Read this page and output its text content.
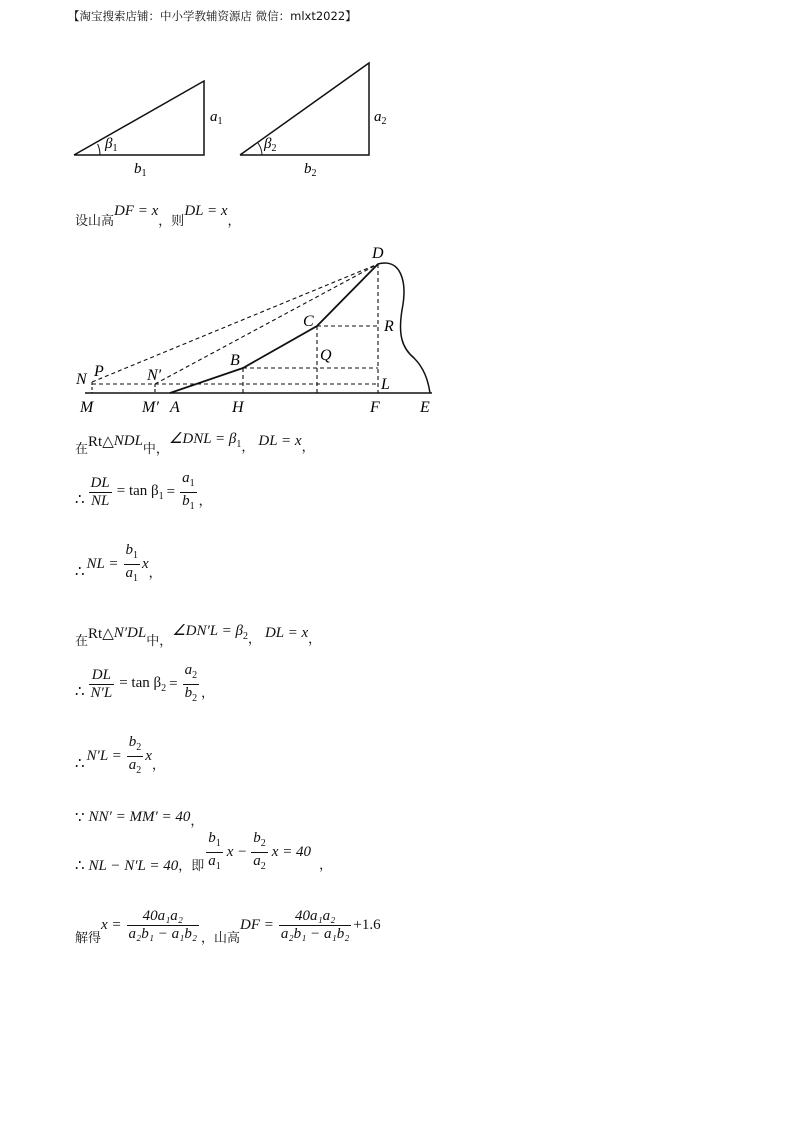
【淘宝搜索店铺：中小学教辅资源店 微信：mlxt2022】
$\beta_1$
$a_1$
$b_1$
$\beta_2$
$a_2$
$b_2$
设山高
DF = x
，则
DL = x
，
D
C	R
B	Q
N P	N′
L
M	M′ A	H	F	E
在 Rt△ NDL
中，
∠DNL = $\beta_1$ ， DL = x ，
∴ $\frac{DL}{NL} = \tan \beta_1 = \frac{a_1}{b_1}$ ，
∴ NL = $\frac{b_1}{a_1}$ x
，
在 Rt△ N′DL
中，
∠DN′L = $\beta_2$ ， DL = x ，
∴ $\frac{DL}{N'L} = \tan \beta_2 = \frac{a_2}{b_2}$ ，
∴ $N'L = \frac{b_2}{a_2}$ x
，
∵ NN′ = MM′ = 40 ，
∴ NL − N′L = 40 ，即 $\frac{b_1}{a_1}$ $x - \frac{b_2}{a_2}$ x = 40
，
解得
$x = \frac{\text{40a₁a₂}}{\text{a₂b₁ − a₁b₂}}$ ，山高
DF = $\frac{\text{40a₁a₂}}{\text{a₂b₁ − a₁b₂}} +1.6$
